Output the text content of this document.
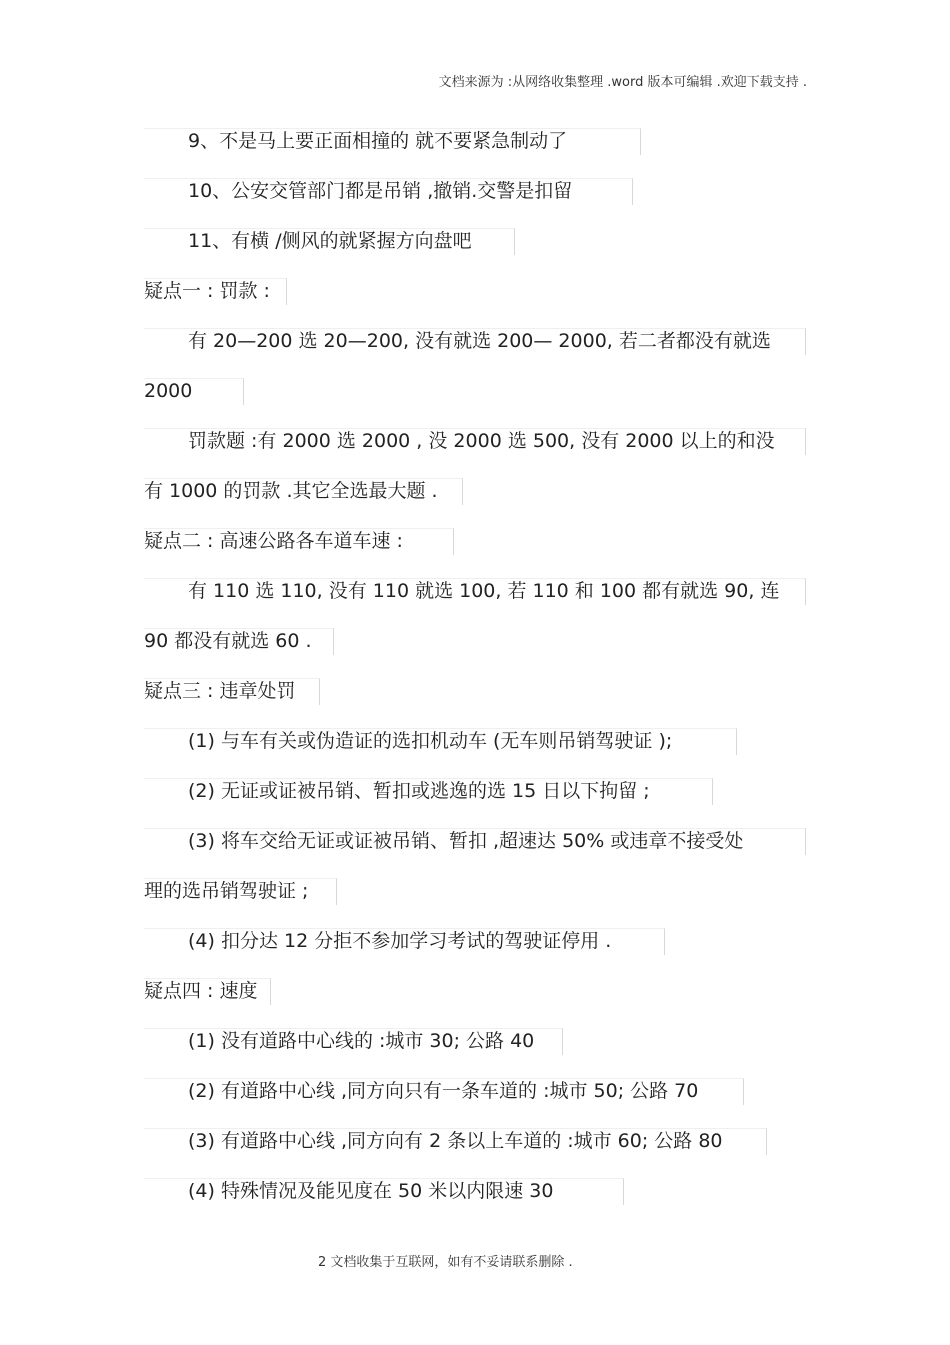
文档来源为 :从网络收集整理 .word 版本可编辑 .欢迎下载支持 .
9、不是马上要正面相撞的 就不要紧急制动了
10、公安交管部门都是吊销 ,撤销.交警是扣留
11、有横 /侧风的就紧握方向盘吧
疑点一 : 罚款 :
有 20—200 选 20—200, 没有就选 200— 2000, 若二者都没有就选
2000
罚款题 :有 2000 选 2000 , 没 2000 选 500, 没有 2000 以上的和没
有 1000 的罚款 .其它全选最大题 .
疑点二 : 高速公路各车道车速 :
有 110 选 110, 没有 110 就选 100, 若 110 和 100 都有就选 90, 连
90 都没有就选 60 .
疑点三 : 违章处罚
(1) 与车有关或伪造证的选扣机动车 (无车则吊销驾驶证 );
(2) 无证或证被吊销、暂扣或逃逸的选 15 日以下拘留 ;
(3) 将车交给无证或证被吊销、暂扣 ,超速达 50% 或违章不接受处
理的选吊销驾驶证 ;
(4) 扣分达 12 分拒不参加学习考试的驾驶证停用 .
疑点四 : 速度
(1) 没有道路中心线的 :城市 30; 公路 40
(2) 有道路中心线 ,同方向只有一条车道的 :城市 50; 公路 70
(3) 有道路中心线 ,同方向有 2 条以上车道的 :城市 60; 公路 80
(4) 特殊情况及能见度在 50 米以内限速 30
2 文档收集于互联网，如有不妥请联系删除 .
